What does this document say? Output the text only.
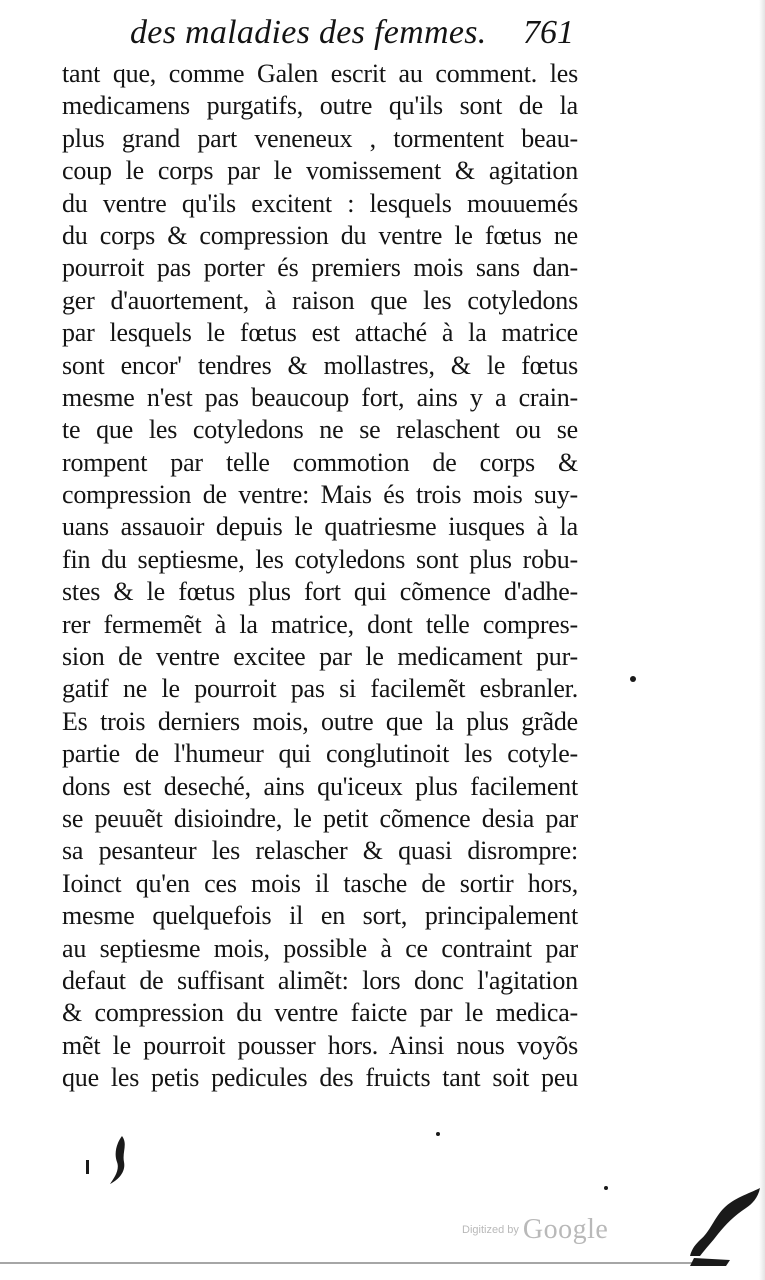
des maladies des femmes. 761
tant que, comme Galen escrit au comment. les
medicamens purgatifs, outre qu'ils sont de la
plus grand part veneneux , tormentent beau-
coup le corps par le vomissement & agitation
du ventre qu'ils excitent : lesquels mouuemés
du corps & compression du ventre le fœtus ne
pourroit pas porter és premiers mois sans dan-
ger d'auortement, à raison que les cotyledons
par lesquels le fœtus est attaché à la matrice
sont encor' tendres & mollastres, & le fœtus
mesme n'est pas beaucoup fort, ains y a crain-
te que les cotyledons ne se relaschent ou se
rompent par telle commotion de corps &
compression de ventre: Mais és trois mois suy-
uans assauoir depuis le quatriesme iusques à la
fin du septiesme, les cotyledons sont plus robu-
stes & le fœtus plus fort qui cõmence d'adhe-
rer fermemẽt à la matrice, dont telle compres-
sion de ventre excitee par le medicament pur-
gatif ne le pourroit pas si facilemẽt esbranler.
Es trois derniers mois, outre que la plus grãde
partie de l'humeur qui conglutinoit les cotyle-
dons est deseché, ains qu'iceux plus facilement
se peuuẽt disioindre, le petit cõmence desia par
sa pesanteur les relascher & quasi disrompre:
Ioinct qu'en ces mois il tasche de sortir hors,
mesme quelquefois il en sort, principalement
au septiesme mois, possible à ce contraint par
defaut de suffisant alimẽt: lors donc l'agitation
& compression du ventre faicte par le medica-
mẽt le pourroit pousser hors. Ainsi nous voyõs
que les petis pedicules des fruicts tant soit peu
Digitized by Google
